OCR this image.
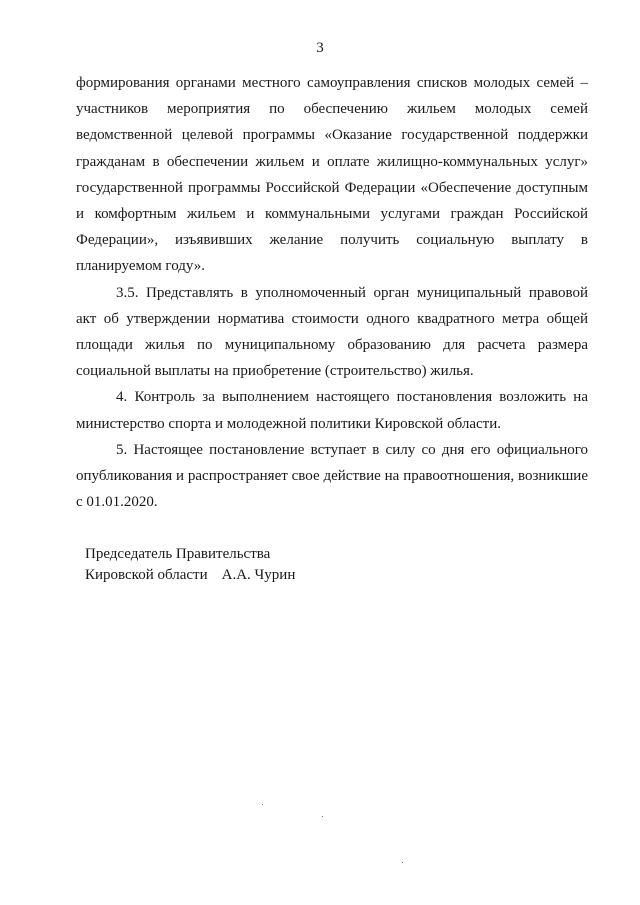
3

формирования органами местного самоуправления списков молодых семей – участников мероприятия по обеспечению жильем молодых семей ведомственной целевой программы «Оказание государственной поддержки гражданам в обеспечении жильем и оплате жилищно-коммунальных услуг» государственной программы Российской Федерации «Обеспечение доступным и комфортным жильем и коммунальными услугами граждан Российской Федерации», изъявивших желание получить социальную выплату в планируемом году».

3.5. Представлять в уполномоченный орган муниципальный правовой акт об утверждении норматива стоимости одного квадратного метра общей площади жилья по муниципальному образованию для расчета размера социальной выплаты на приобретение (строительство) жилья.

4. Контроль за выполнением настоящего постановления возложить на министерство спорта и молодежной политики Кировской области.

5. Настоящее постановление вступает в силу со дня его официального опубликования и распространяет свое действие на правоотношения, возникшие с 01.01.2020.

Председатель Правительства
Кировской области А.А. Чурин
